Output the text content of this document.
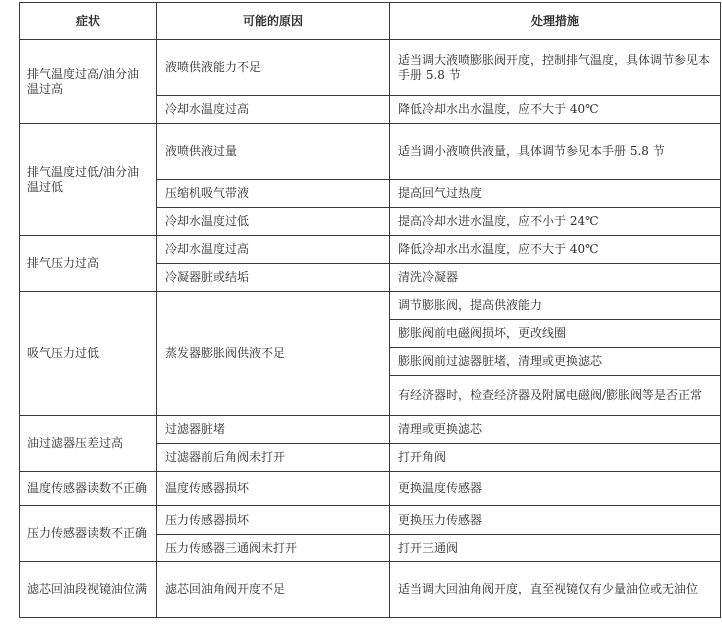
症状	可能的原因	处理措施
排气温度过高/油分油温过高	液喷供液能力不足	适当调大液喷膨胀阀开度，控制排气温度，具体调节参见本手册 5.8 节
	冷却水温度过高	降低冷却水出水温度，应不大于 40℃
排气温度过低/油分油温过低	液喷供液过量	适当调小液喷供液量，具体调节参见本手册 5.8 节
	压缩机吸气带液	提高回气过热度
	冷却水温度过低	提高冷却水进水温度，应不小于 24℃
排气压力过高	冷却水温度过高	降低冷却水出水温度，应不大于 40℃
	冷凝器脏或结垢	清洗冷凝器
吸气压力过低	蒸发器膨胀阀供液不足	调节膨胀阀，提高供液能力
		膨胀阀前电磁阀损坏，更改线圈
		膨胀阀前过滤器脏堵，清理或更换滤芯
		有经济器时，检查经济器及附属电磁阀/膨胀阀等是否正常
油过滤器压差过高	过滤器脏堵	清理或更换滤芯
	过滤器前后角阀未打开	打开角阀
温度传感器读数不正确	温度传感器损坏	更换温度传感器
压力传感器读数不正确	压力传感器损坏	更换压力传感器
	压力传感器三通阀未打开	打开三通阀
滤芯回油段视镜油位满	滤芯回油角阀开度不足	适当调大回油角阀开度，直至视镜仅有少量油位或无油位
